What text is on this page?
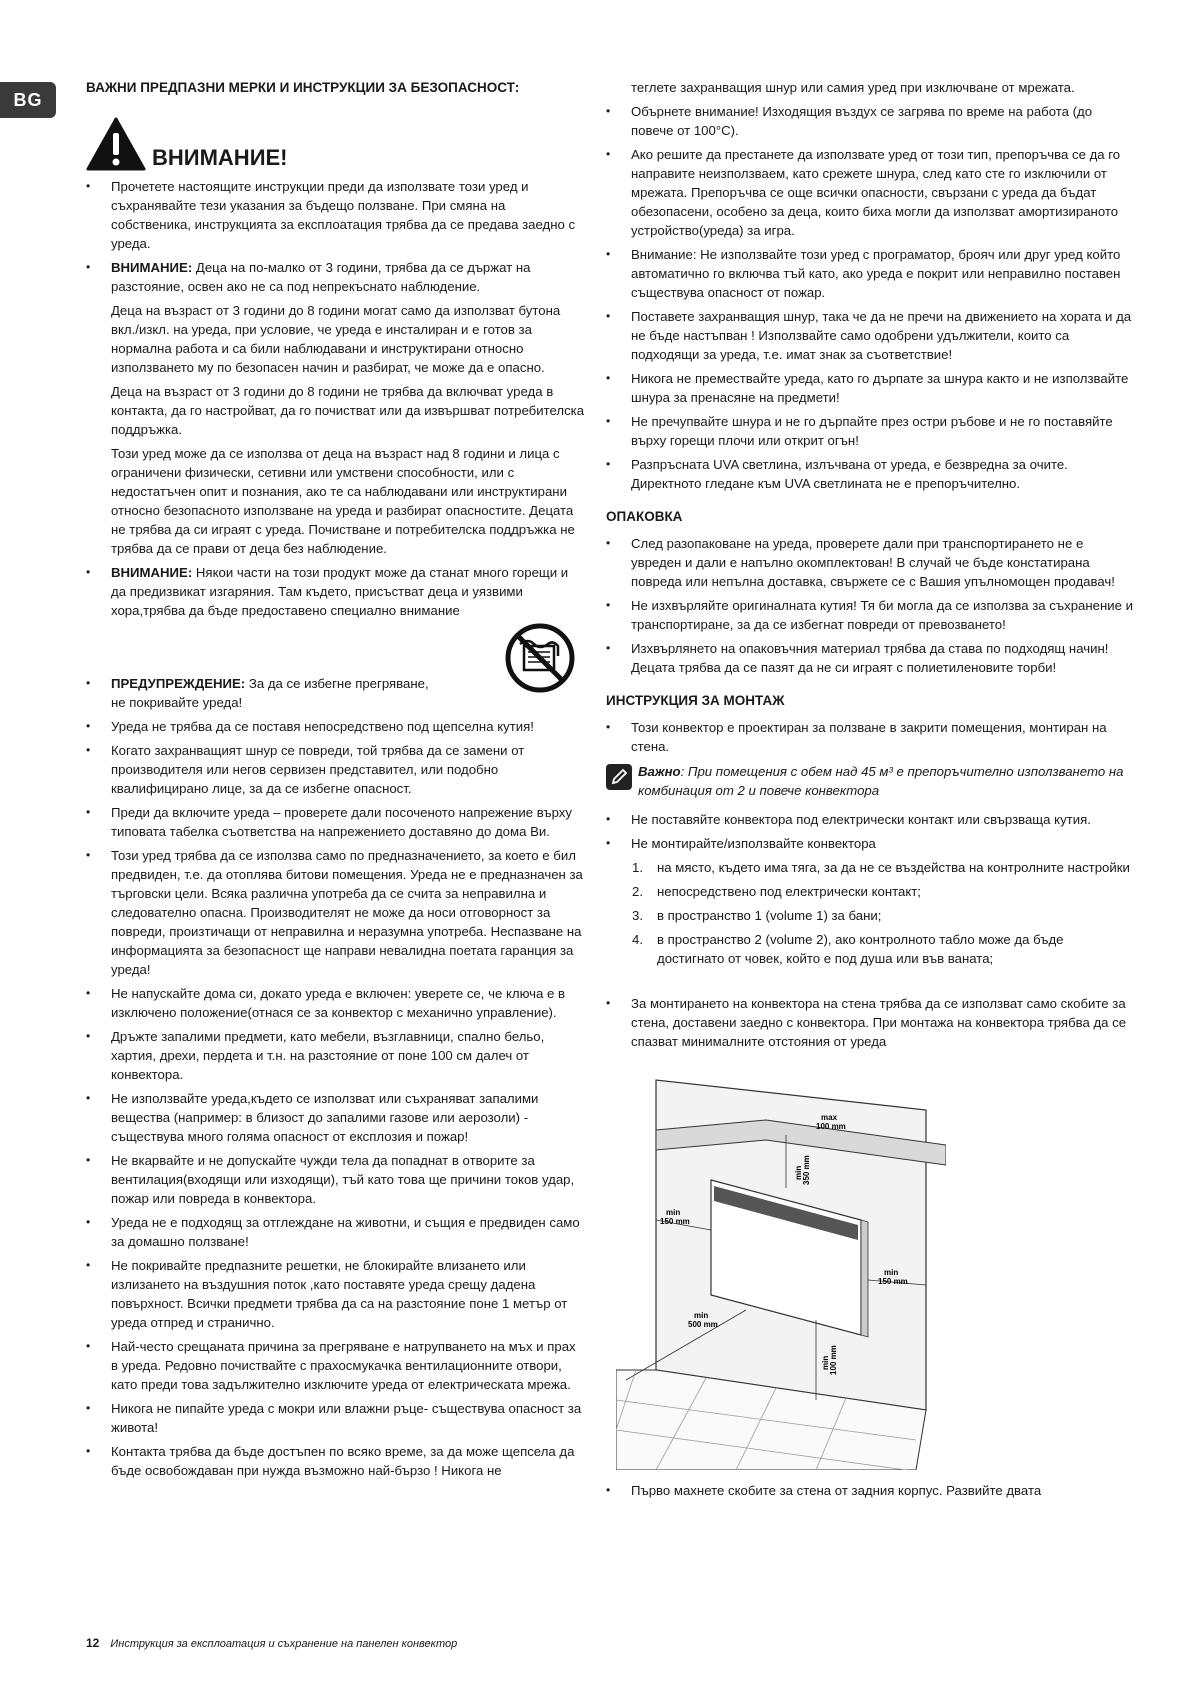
BG
ВАЖНИ ПРЕДПАЗНИ МЕРКИ И ИНСТРУКЦИИ ЗА БЕЗОПАСНОСТ:
ВНИМАНИЕ!
• Прочетете настоящите инструкции преди да използвате този уред и съхранявайте тези указания за бъдещо ползване. При смяна на собственика, инструкцията за експлоатация трябва да се предава заедно с уреда.
• ВНИМАНИЕ: Деца на по-малко от 3 години, трябва да се държат на разстояние, освен ако не са под непрекъснато наблюдение.
Деца на възраст от 3 години до 8 години могат само да използват бутона вкл./изкл. на уреда, при условие, че уреда е инсталиран и е готов за нормална работа и са били наблюдавани и инструктирани относно използването му по безопасен начин и разбират, че може да е опасно.
Деца на възраст от 3 години до 8 години не трябва да включват уреда в контакта, да го настройват, да го почистват или да извършват потребителска поддръжка.
Този уред може да се използва от деца на възраст над 8 години и лица с ограничени физически, сетивни или умствени способности, или с недостатъчен опит и познания, ако те са наблюдавани или инструктирани относно безопасното използване на уреда и разбират опасностите. Децата не трябва да си играят с уреда. Почистване и потребителска поддръжка не трябва да се прави от деца без наблюдение.
• ВНИМАНИЕ: Някои части на този продукт може да станат много горещи и да предизвикат изгаряния. Там където, присъстват деца и уязвими хора,трябва да бъде предоставено специално внимание
• ПРЕДУПРЕЖДЕНИЕ: За да се избегне прегряване, не покривайте уреда!
• Уреда не трябва да се поставя непосредствено под щепселна кутия!
• Когато захранващият шнур се повреди, той трябва да се замени от производителя или негов сервизен представител, или подобно квалифицирано лице, за да се избегне опасност.
• Преди да включите уреда – проверете дали посоченото напрежение върху типовата табелка съответства на напрежението доставяно до дома Ви.
• Този уред трябва да се използва само по предназначението, за което е бил предвиден, т.е. да отоплява битови помещения. Уреда не е предназначен за търговски цели. Всяка различна употреба да се счита за неправилна и следователно опасна. Производителят не може да носи отговорност за повреди, произтичащи от неправилна и неразумна употреба. Неспазване на информацията за безопасност ще направи невалидна поетата гаранция за уреда!
• Не напускайте дома си, докато уреда е включен: уверете се, че ключа е в изключено положение(отнася се за конвектор с механично управление).
• Дръжте запалими предмети, като мебели, възглавници, спално бельо, хартия, дрехи, пердета и т.н. на разстояние от поне 100 см далеч от конвектора.
• Не използвайте уреда,където се използват или съхраняват запалими вещества (например: в близост до запалими газове или аерозоли) - съществува много голяма опасност от експлозия и пожар!
• Не вкарвайте и не допускайте чужди тела да попаднат в отворите за вентилация(входящи или изходящи), тъй като това ще причини токов удар, пожар или повреда в конвектора.
• Уреда не е подходящ за отглеждане на животни, и същия е предвиден само за домашно ползване!
• Не покривайте предпазните решетки, не блокирайте влизането или излизането на въздушния поток ,като поставяте уреда срещу дадена повърхност. Всички предмети трябва да са на разстояние поне 1 метър от уреда отпред и странично.
• Най-често срещаната причина за прегряване е натрупването на мъх и прах в уреда. Редовно почиствайте с прахосмукачка вентилационните отвори, като преди това задължително изключите уреда от електрическата мрежа.
• Никога не пипайте уреда с мокри или влажни ръце- съществува опасност за живота!
• Контакта трябва да бъде достъпен по всяко време, за да може щепсела да бъде освобождаван при нужда възможно най-бързо ! Никога не
теглете захранващия шнур или самия уред при изключване от мрежата.
• Обърнете внимание! Изходящия въздух се загрява по време на работа (до повече от 100°C).
• Ако решите да престанете да използвате уред от този тип, препоръчва се да го направите неизползваем, като срежете шнура, след като сте го изключили от мрежата. Препоръчва се още всички опасности, свързани с уреда да бъдат обезопасени, особено за деца, които биха могли да използват амортизираното устройство(уреда) за игра.
• Внимание: Не използвайте този уред с програматор, брояч или друг уред който автоматично го включва тъй като, ако уреда е покрит или неправилно поставен съществува опасност от пожар.
• Поставете захранващия шнур, така че да не пречи на движението на хората и да не бъде настъпван ! Използвайте само одобрени удължители, които са подходящи за уреда, т.е. имат знак за съответствие!
• Никога не премествайте уреда, като го дърпате за шнура както и не използвайте шнура за пренасяне на предмети!
• Не пречупвайте шнура и не го дърпайте през остри ръбове и не го поставяйте върху горещи плочи или открит огън!
• Разпръсната UVA светлина, излъчвана от уреда, е безвредна за очите. Директното гледане към UVA светлината не е препоръчително.
ОПАКОВКА
• След разопаковане на уреда, проверете дали при транспортирането не е увреден и дали е напълно окомплектован! В случай че бъде констатирана повреда или непълна доставка, свържете се с Вашия упълномощен продавач!
• Не изхвърляйте оригиналната кутия! Тя би могла да се използва за съхранение и транспортиране, за да се избегнат повреди от превозването!
• Изхвърлянето на опаковъчния материал трябва да става по подходящ начин! Децата трябва да се пазят да не си играят с полиетиленовите торби!
ИНСТРУКЦИЯ ЗА МОНТАЖ
• Този конвектор е проектиран за ползване в закрити помещения, монтиран на стена.
Важно: При помещения с обем над 45 м³ е препоръчително използването на комбинация от 2 и повече конвектора
• Не поставяйте конвектора под електрически контакт или свързваща кутия.
• Не монтирайте/използвайте конвектора
1. на място, където има тяга, за да не се въздейства на контролните настройки
2. непосредствено под електрически контакт;
3. в пространство 1 (volume 1) за бани;
4. в пространство 2 (volume 2), ако контролното табло може да бъде достигнато от човек, който е под душа или във ваната;
• За монтирането на конвектора на стена трябва да се използват само скобите за стена, доставени заедно с конвектора. При монтажа на конвектора трябва да се спазват минималните отстояния от уреда
max
100 mm
min 350 mm
min
150 mm
min
150 mm
min
500 mm
min 100 mm
• Първо махнете скобите за стена от задния корпус. Развийте двата
12 Инструкция за експлоатация и съхранение на панелен конвектор
